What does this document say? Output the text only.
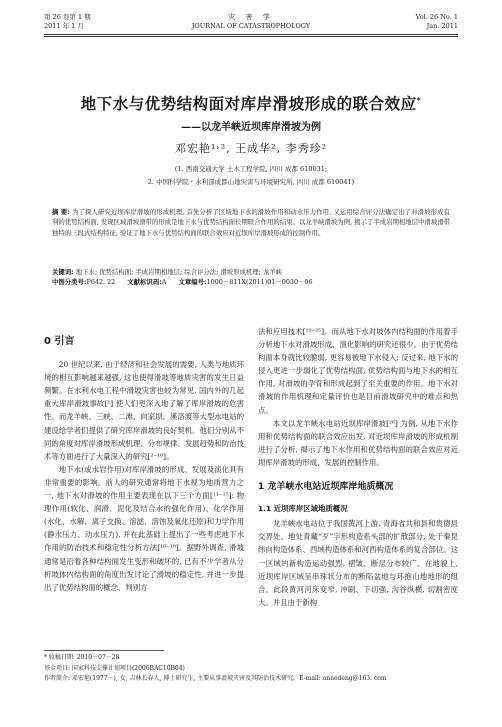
第 26 卷第 1 期
2011 年 1 月
灾 害 学
JOURNAL OF CATASTROPHOLOGY
Vol. 26 No. 1
Jan. 2011
地下水与优势结构面对库岸滑坡形成的联合效应*
——以龙羊峡近坝库岸滑坡为例
邓宏艳¹˒², 王成华², 李秀珍²
(1. 西南交通大学 土木工程学院, 四川 成都 610031;
2. 中国科学院・水利部成都山地灾害与环境研究所, 四川 成都 610041)
摘 要: 为了探人研究近坝库岸滑坡的形成机理, 首先分析了区域地下水的滑坡作用和动水压力作用, 又运用综合评分法确定出了对滑坡形成有利的优势结构面, 发现区域滑坡滑带的形成是地下水与优势结构面长期联合作用的结果。以龙羊峡滑坡为例, 揭示了半成岩期相地层中滑坡滑带独特的三段式结构特征, 验证了地下水与优势结构面的联合效应对近坝库岸滑坡形成的控制作用。
关键词: 地下水; 优势结构面; 半成岩期相地层; 综合评分法; 滑坡形成机理; 龙羊峡
中图分类号:P642. 22 文献标识码:A 文章编号:1000－811X(2011)01－0030－06
0 引言

20 世纪以来, 由于经济和社会发展的需要, 人类与地质环境的相互影响越来越强, 这也使得滑坡等地质灾害的发生日益频繁。在水利水电工程中滑坡灾害也较为常见, 国内外的几起重大库岸滑坡事故[¹] 使人们更深入地了解了库岸滑坡的危害性。而龙羊峡、三峡、二滩、向家坝、溪洛渡等大型水电站的建设给学者们提供了研究库岸滑坡的良好契机。他们分别从不同的角度对库岸滑坡形成机理、分布规律、发展趋势和防治技术等方面进行了大量深入的研究[²⁻¹⁰]。

地下水(或水岩作用)对库岸滑坡的形成、发展及演化具有非常重要的影响。前人的研究通常将地下水视为地质营力之一, 地下水对滑坡的作用主要表现在以下三个方面[¹¹⁻¹⁵]: 物理作用(软化、润滑、泥化及结合水的强化作用)、化学作用(水化、水解、离子交换、溶滤、溶蚀及氧化还原)和力学作用(静水压力、动水压力), 并在此基础上提出了一些考虑地下水作用的防治技术和稳定性分析方法[¹⁶⁻¹⁸]。据野外调查, 滑坡通常是沿着各种结构面发生变形和破坏的, 已有不少学者从分析坡体内结构面的角度出发讨论了滑坡的稳定性, 并进一步提出了优势结构面的概念、判别方

法和应用技术[¹⁹⁻²⁵]。而从地下水对坡体内结构面的作用着手分析地下水对滑坡形成、演化影响的研究还很少。由于优势结构面本身就比较脆弱, 更容易被地下水侵入; 反过来, 地下水的侵入更进一步弱化了优势结构面, 优势结构面与地下水的相互作用, 对滑坡的孕育和形成起到了至关重要的作用。地下水对滑坡的作用机理和定量评价也是目前滑坡研究中的难点和热点。

本文以龙羊峡水电站近坝库岸滑坡[²⁶] 为例, 从地下水作用和优势结构面的联合效应出发, 对近坝库岸滑坡的形成机制进行了分析, 揭示了地下水作用和优势结构面的联合效应对近坝库岸滑坡的形成、发展的控制作用。

1 龙羊峡水电站近坝库岸地质概况
1.1 近坝库岸区域地质概况

龙羊峡水电站位于我国黄河上游, 青海省共和县和贵德县交界处。地处青藏“歹”字形构造系头部的扩散部分, 处于秦昆纬向构造体系、西域构造体系和河西构造体系的复合部位。这一区域的新构造运动强烈, 褶皱、断层分布较广。在地貌上, 近坝库岸区域呈串珠状分布的断陷盆地与环抱山地地形的组合。此段黄河河床变窄, 冲刷、下切强, 沟谷纵横, 切割密度大。并且由于新构

* 收稿日期: 2010－07－28

基金项目: 国家科技支撑计划项目(2006BAC10B04)

作者简介: 邓宏艳(1977－), 女, 吉林长春人, 博士研究生, 主要从事滑坡灾害及其防治技术研究。E-mail: annedeng@163. com
